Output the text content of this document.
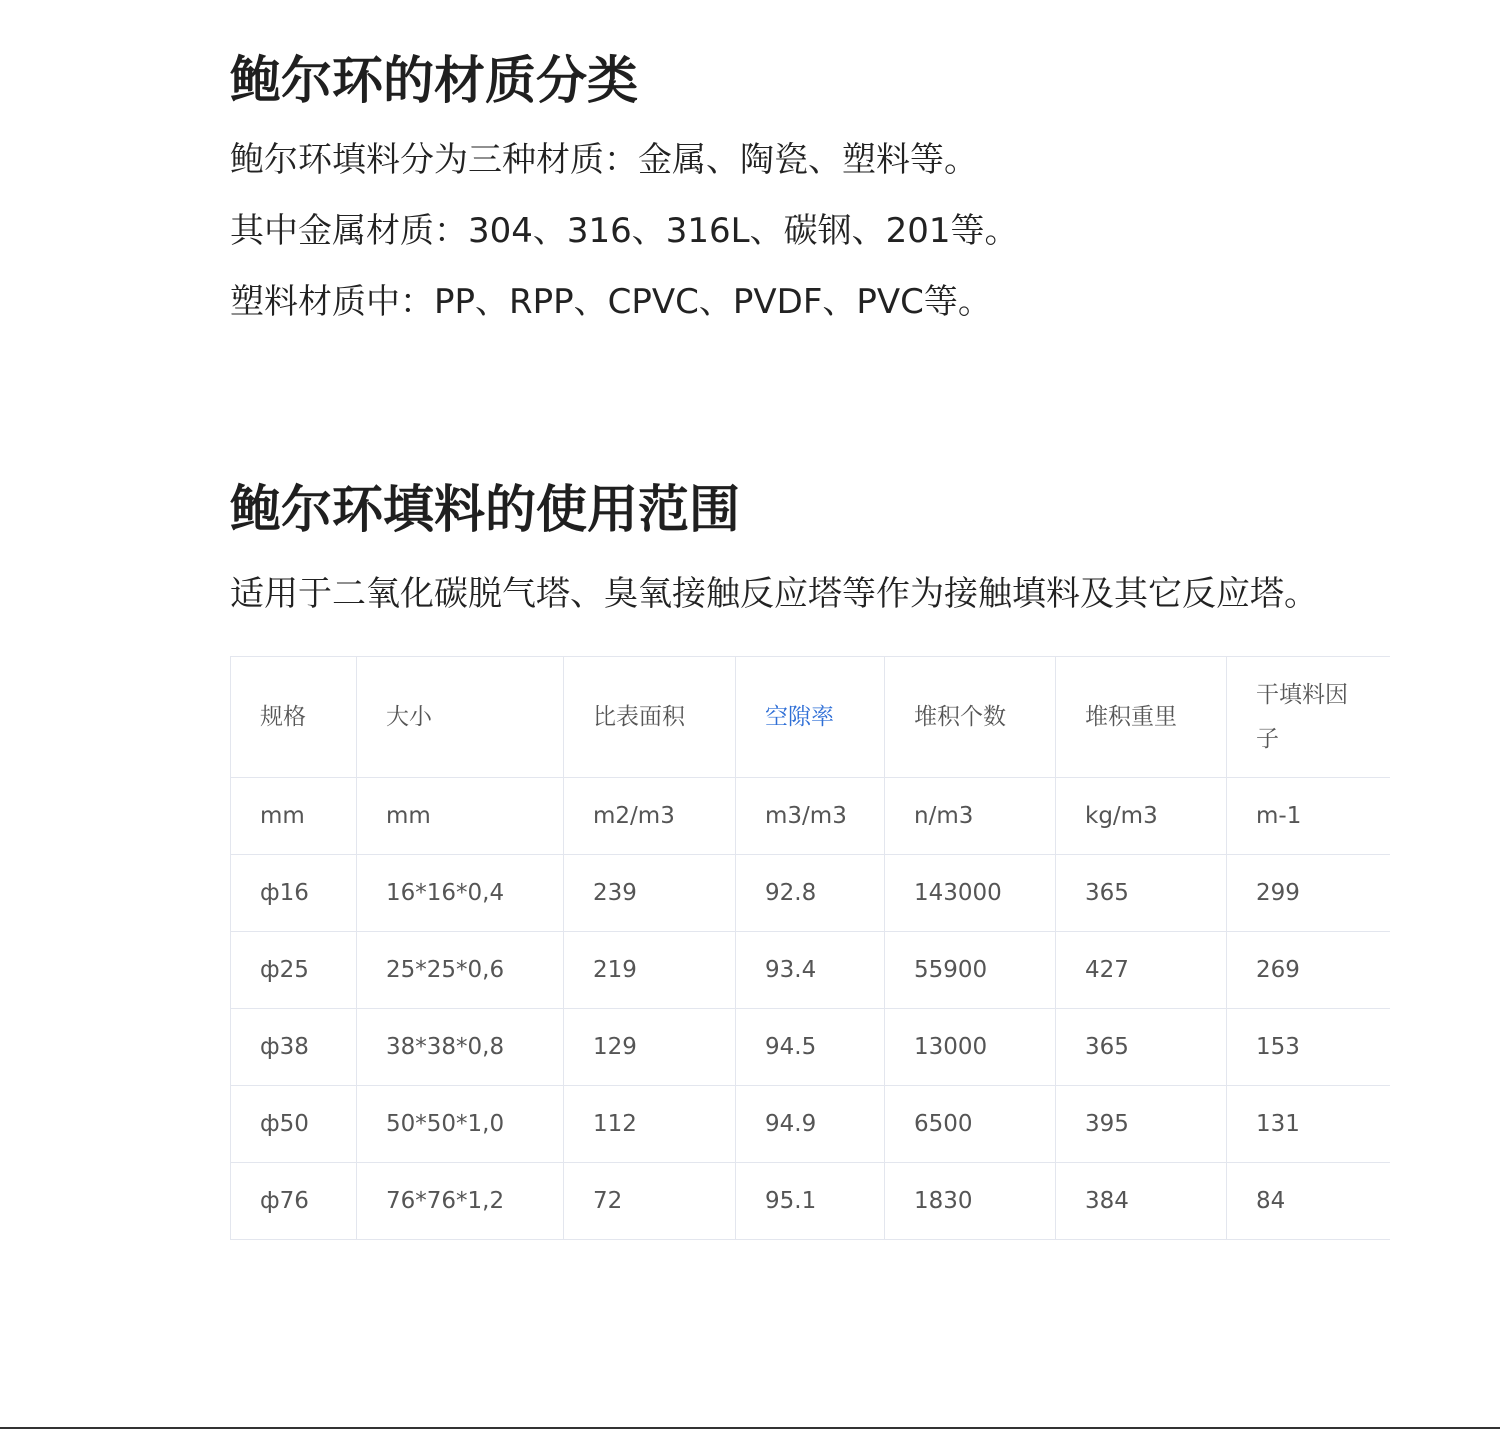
鲍尔环的材质分类

鲍尔环填料分为三种材质：金属、陶瓷、塑料等。

其中金属材质：304、316、316L、碳钢、201等。

塑料材质中：PP、RPP、CPVC、PVDF、PVC等。

鲍尔环填料的使用范围

适用于二氧化碳脱气塔、臭氧接触反应塔等作为接触填料及其它反应塔。

规格	大小	比表面积	空隙率	堆积个数	堆积重里	干填料因子
mm	mm	m2/m3	m3/m3	n/m3	kg/m3	m-1
ф16	16*16*0,4	239	92.8	143000	365	299
ф25	25*25*0,6	219	93.4	55900	427	269
ф38	38*38*0,8	129	94.5	13000	365	153
ф50	50*50*1,0	112	94.9	6500	395	131
ф76	76*76*1,2	72	95.1	1830	384	84
